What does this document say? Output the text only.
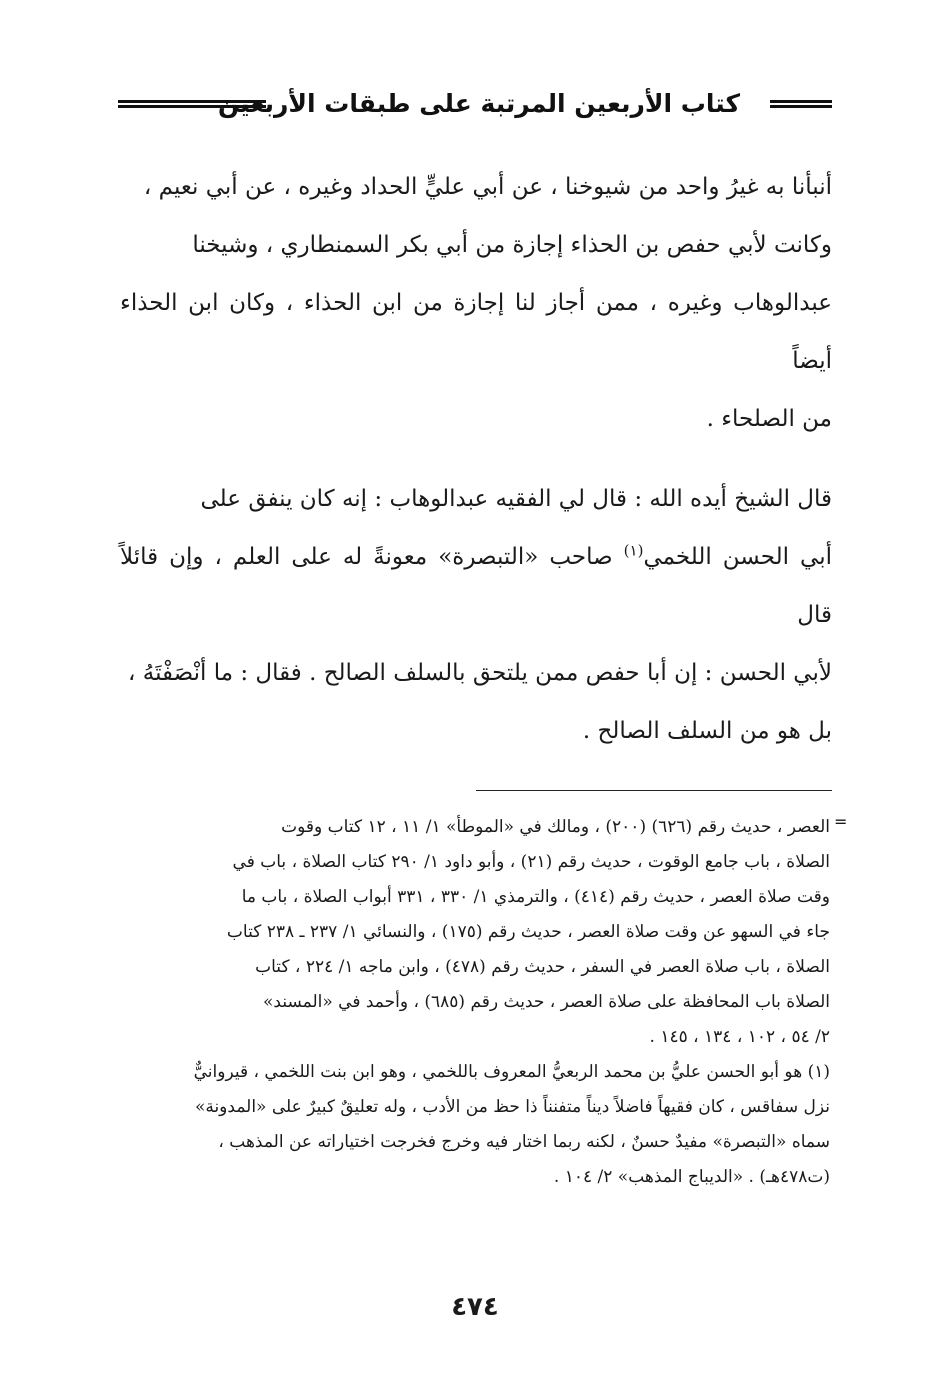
كتاب الأربعين المرتبة على طبقات الأربعين

أنبأنا به غيرُ واحد من شيوخنا ، عن أبي عليٍّ الحداد وغيره ، عن أبي نعيم ،

وكانت لأبي حفص بن الحذاء إجازة من أبي بكر السمنطاري ، وشيخنا

عبدالوهاب وغيره ، ممن أجاز لنا إجازة من ابن الحذاء ، وكان ابن الحذاء أيضاً

من الصلحاء .

قال الشيخ أيده الله : قال لي الفقيه عبدالوهاب : إنه كان ينفق على

أبي الحسن اللخمي$^{(١)}$ صاحب «التبصرة» معونةً له على العلم ، وإن قائلاً قال

لأبي الحسن : إن أبا حفص ممن يلتحق بالسلف الصالح . فقال : ما أنْصَفْتَهُ ،

بل هو من السلف الصالح .

=

العصر ، حديث رقم (٦٢٦) (٢٠٠) ، ومالك في «الموطأ» ١/ ١١ ، ١٢ كتاب وقوت

الصلاة ، باب جامع الوقوت ، حديث رقم (٢١) ، وأبو داود ١/ ٢٩٠ كتاب الصلاة ، باب في

وقت صلاة العصر ، حديث رقم (٤١٤) ، والترمذي ١/ ٣٣٠ ، ٣٣١ أبواب الصلاة ، باب ما

جاء في السهو عن وقت صلاة العصر ، حديث رقم (١٧٥) ، والنسائي ١/ ٢٣٧ ـ ٢٣٨ كتاب

الصلاة ، باب صلاة العصر في السفر ، حديث رقم (٤٧٨) ، وابن ماجه ١/ ٢٢٤ ، كتاب

الصلاة باب المحافظة على صلاة العصر ، حديث رقم (٦٨٥) ، وأحمد في «المسند»

٢/ ٥٤ ، ١٠٢ ، ١٣٤ ، ١٤٥ .

(١) هو أبو الحسن عليُّ بن محمد الربعيُّ المعروف باللخمي ، وهو ابن بنت اللخمي ، قيروانيٌّ

نزل سفاقس ، كان فقيهاً فاضلاً ديناً متفنناً ذا حظ من الأدب ، وله تعليقٌ كبيرٌ على «المدونة»

سماه «التبصرة» مفيدٌ حسنٌ ، لكنه ربما اختار فيه وخرج فخرجت اختياراته عن المذهب ،

(ت٤٧٨هـ) . «الديباج المذهب» ٢/ ١٠٤ .

٤٧٤
